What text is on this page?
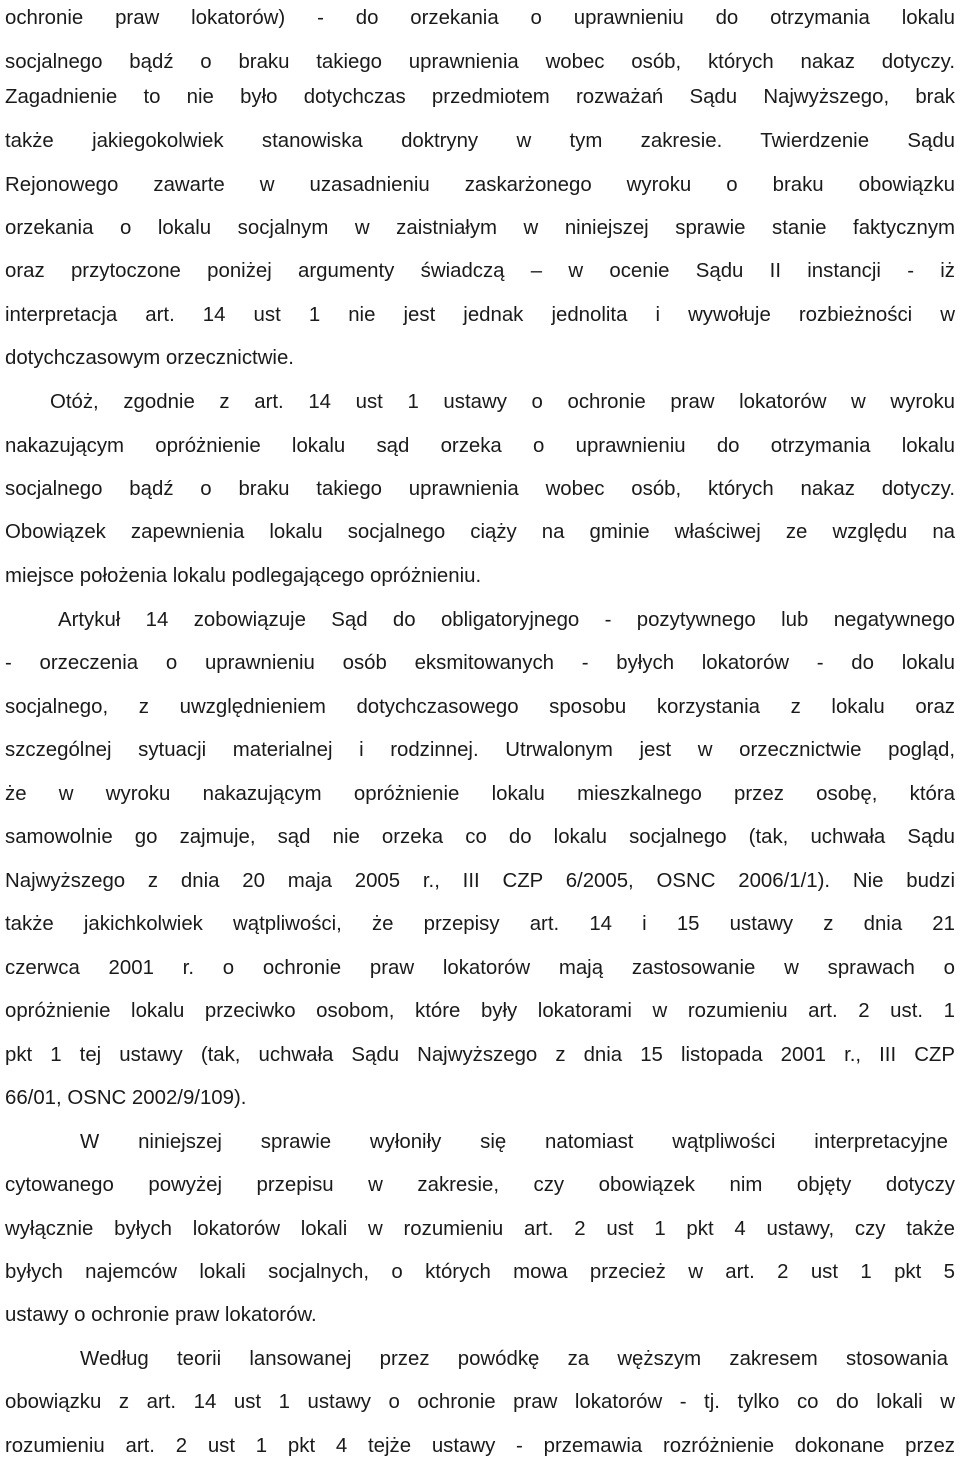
ochronie praw lokatorów) - do orzekania o uprawnieniu do otrzymania lokalu
socjalnego bądź o braku takiego uprawnienia wobec osób, których nakaz dotyczy.
Zagadnienie to nie było dotychczas przedmiotem rozważań Sądu Najwyższego, brak
także jakiegokolwiek stanowiska doktryny w tym zakresie. Twierdzenie Sądu
Rejonowego zawarte w uzasadnieniu zaskarżonego wyroku o braku obowiązku
orzekania o lokalu socjalnym w zaistniałym w niniejszej sprawie stanie faktycznym
oraz przytoczone poniżej argumenty świadczą – w ocenie Sądu II instancji - iż
interpretacja art. 14 ust 1 nie jest jednak jednolita i wywołuje rozbieżności w
dotychczasowym orzecznictwie.
Otóż, zgodnie z art. 14 ust 1 ustawy o ochronie praw lokatorów w wyroku
nakazującym opróżnienie lokalu sąd orzeka o uprawnieniu do otrzymania lokalu
socjalnego bądź o braku takiego uprawnienia wobec osób, których nakaz dotyczy.
Obowiązek zapewnienia lokalu socjalnego ciąży na gminie właściwej ze względu na
miejsce położenia lokalu podlegającego opróżnieniu.
Artykuł 14 zobowiązuje Sąd do obligatoryjnego - pozytywnego lub negatywnego
- orzeczenia o uprawnieniu osób eksmitowanych - byłych lokatorów - do lokalu
socjalnego, z uwzględnieniem dotychczasowego sposobu korzystania z lokalu oraz
szczególnej sytuacji materialnej i rodzinnej. Utrwalonym jest w orzecznictwie pogląd,
że w wyroku nakazującym opróżnienie lokalu mieszkalnego przez osobę, która
samowolnie go zajmuje, sąd nie orzeka co do lokalu socjalnego (tak, uchwała Sądu
Najwyższego z dnia 20 maja 2005 r., III CZP 6/2005, OSNC 2006/1/1). Nie budzi
także jakichkolwiek wątpliwości, że przepisy art. 14 i 15 ustawy z dnia 21
czerwca 2001 r. o ochronie praw lokatorów mają zastosowanie w sprawach o
opróżnienie lokalu przeciwko osobom, które były lokatorami w rozumieniu art. 2 ust. 1
pkt 1 tej ustawy (tak, uchwała Sądu Najwyższego z dnia 15 listopada 2001 r., III CZP
66/01, OSNC 2002/9/109).
W niniejszej sprawie wyłoniły się natomiast wątpliwości interpretacyjne
cytowanego powyżej przepisu w zakresie, czy obowiązek nim objęty dotyczy
wyłącznie byłych lokatorów lokali w rozumieniu art. 2 ust 1 pkt 4 ustawy, czy także
byłych najemców lokali socjalnych, o których mowa przecież w art. 2 ust 1 pkt 5
ustawy o ochronie praw lokatorów.
Według teorii lansowanej przez powódkę za węższym zakresem stosowania
obowiązku z art. 14 ust 1 ustawy o ochronie praw lokatorów - tj. tylko co do lokali w
rozumieniu art. 2 ust 1 pkt 4 tejże ustawy - przemawia rozróżnienie dokonane przez
